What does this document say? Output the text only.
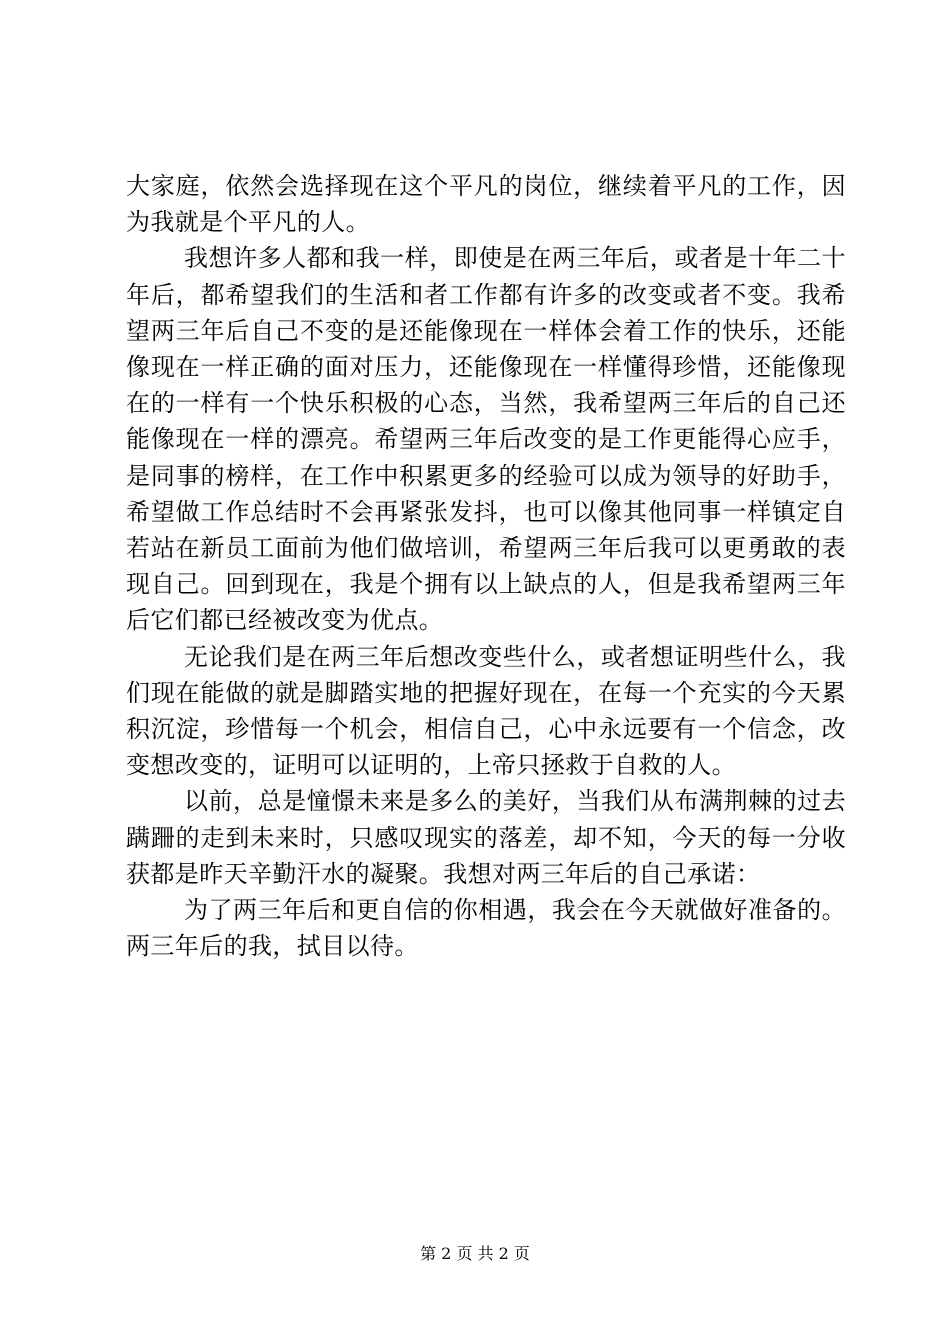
大家庭，依然会选择现在这个平凡的岗位，继续着平凡的工作，因为我就是个平凡的人。

我想许多人都和我一样，即使是在两三年后，或者是十年二十年后，都希望我们的生活和者工作都有许多的改变或者不变。我希望两三年后自己不变的是还能像现在一样体会着工作的快乐，还能像现在一样正确的面对压力，还能像现在一样懂得珍惜，还能像现在的一样有一个快乐积极的心态，当然，我希望两三年后的自己还能像现在一样的漂亮。希望两三年后改变的是工作更能得心应手，是同事的榜样，在工作中积累更多的经验可以成为领导的好助手，希望做工作总结时不会再紧张发抖，也可以像其他同事一样镇定自若站在新员工面前为他们做培训，希望两三年后我可以更勇敢的表现自己。回到现在，我是个拥有以上缺点的人，但是我希望两三年后它们都已经被改变为优点。

无论我们是在两三年后想改变些什么，或者想证明些什么，我们现在能做的就是脚踏实地的把握好现在，在每一个充实的今天累积沉淀，珍惜每一个机会，相信自己，心中永远要有一个信念，改变想改变的，证明可以证明的，上帝只拯救于自救的人。

以前，总是憧憬未来是多么的美好，当我们从布满荆棘的过去蹒跚的走到未来时，只感叹现实的落差，却不知，今天的每一分收获都是昨天辛勤汗水的凝聚。我想对两三年后的自己承诺：

为了两三年后和更自信的你相遇，我会在今天就做好准备的。两三年后的我，拭目以待。

第 2 页 共 2 页
